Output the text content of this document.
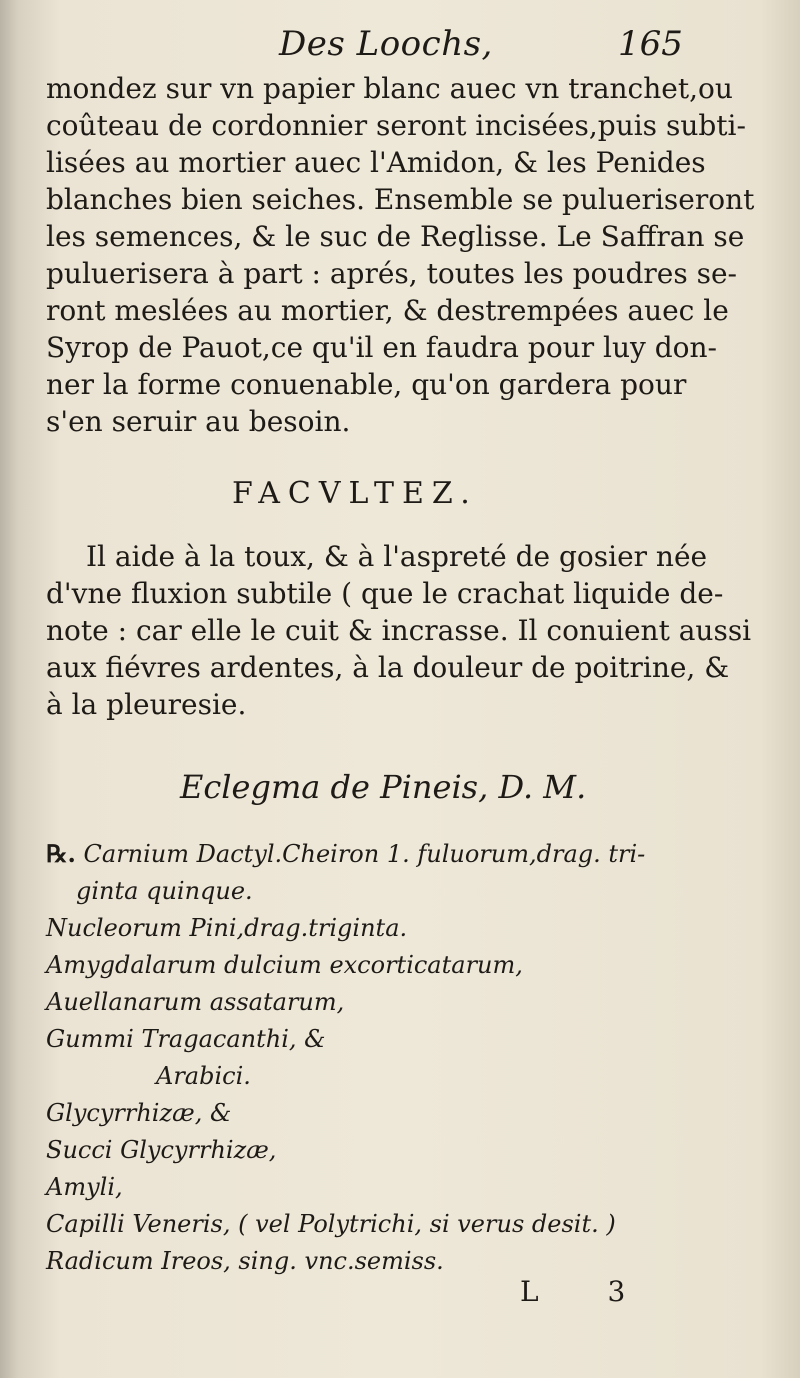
Des Loochs,	165
mondez sur vn papier blanc auec vn tranchet,ou
coûteau de cordonnier seront incisées,puis subti-
lisées au mortier auec l'Amidon, & les Penides
blanches bien seiches. Ensemble se pulueriseront
les semences, & le suc de Reglisse. Le Saffran se
puluerisera à part : aprés, toutes les poudres se-
ront meslées au mortier, & destrempées auec le
Syrop de Pauot,ce qu'il en faudra pour luy don-
ner la forme conuenable, qu'on gardera pour
s'en seruir au besoin.
FACVLTEZ.
Il aide à la toux, & à l'aspreté de gosier née
d'vne fluxion subtile ( que le crachat liquide de-
note : car elle le cuit & incrasse. Il conuient aussi
aux fiévres ardentes, à la douleur de poitrine, &
à la pleuresie.
Eclegma de Pineis, D. M.
℞. Carnium Dactyl.Cheiron 1. fuluorum,drag. tri-
ginta quinque.
Nucleorum Pini,drag.triginta.
Amygdalarum dulcium excorticatarum,
Auellanarum assatarum,
Gummi Tragacanthi, &
Arabici.
Glycyrrhizæ, &
Succi Glycyrrhizæ,
Amyli,
Capilli Veneris, ( vel Polytrichi, si verus desit. )
Radicum Ireos, sing. vnc.semiss.
L 3
